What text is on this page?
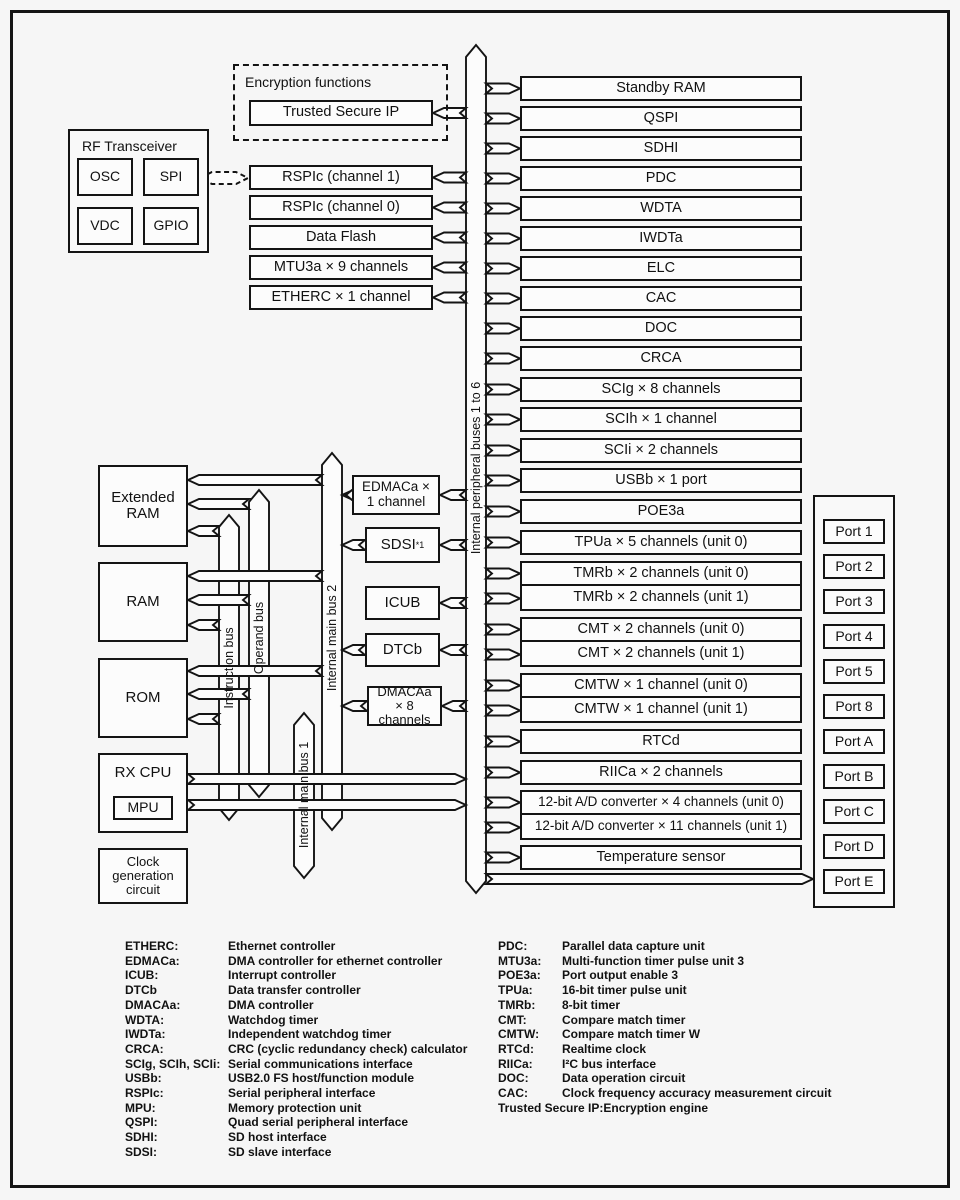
Encryption functions
Trusted Secure IP
RF Transceiver
OSC	SPI
VDC	GPIO
RX CPU
MPU
Clock generation circuit
Instruction bus Operand bus
Internal main bus 1
Internal main bus 2
Internal peripheral buses 1 to 6	Port 1
Port 2
Port 3
Port 4
Port 5
Port 8
Port A
Port B
Port C
Port D
Port E
RSPIc (channel 1)
RSPIc (channel 0)
Data Flash
MTU3a × 9 channels
ETHERC × 1 channel
Extended RAM
RAM
ROM
EDMACa × 1 channel
SDSI *1
ICUB
DTCb
DMACAa × 8 channels
Standby RAM
QSPI
SDHI
PDC
WDTA
IWDTa
ELC
CAC
DOC
CRCA
SCIg × 8 channels
SCIh × 1 channel
SCIi × 2 channels
USBb × 1 port
POE3a
TPUa × 5 channels (unit 0)
TMRb × 2 channels (unit 0)
TMRb × 2 channels (unit 1)
CMT × 2 channels (unit 0)
CMT × 2 channels (unit 1)
CMTW × 1 channel (unit 0)
CMTW × 1 channel (unit 1)
RTCd
RIICa × 2 channels
12-bit A/D converter × 4 channels (unit 0)
12-bit A/D converter × 11 channels (unit 1)
Temperature sensor
ETHERC:	Ethernet controller
EDMACa:	DMA controller for ethernet controller
ICUB:	Interrupt controller
DTCb	Data transfer controller
DMACAa:	DMA controller
WDTA:	Watchdog timer
IWDTa:	Independent watchdog timer
CRCA:	CRC (cyclic redundancy check) calculator
SCIg, SCIh, SCIi: Serial communications interface
USBb:	USB2.0 FS host/function module
RSPIc:	Serial peripheral interface
MPU:	Memory protection unit
QSPI:	Quad serial peripheral interface
SDHI:	SD host interface
SDSI:	SD slave interface
PDC:	Parallel data capture unit
MTU3a:	Multi-function timer pulse unit 3
POE3a:	Port output enable 3
TPUa:	16-bit timer pulse unit
TMRb:	8-bit timer
CMT:	Compare match timer
CMTW:	Compare match timer W
RTCd:	Realtime clock
RIICa:	I²C bus interface
DOC:	Data operation circuit
CAC:	Clock frequency accuracy measurement circuit
Trusted Secure IP: Encryption engine
